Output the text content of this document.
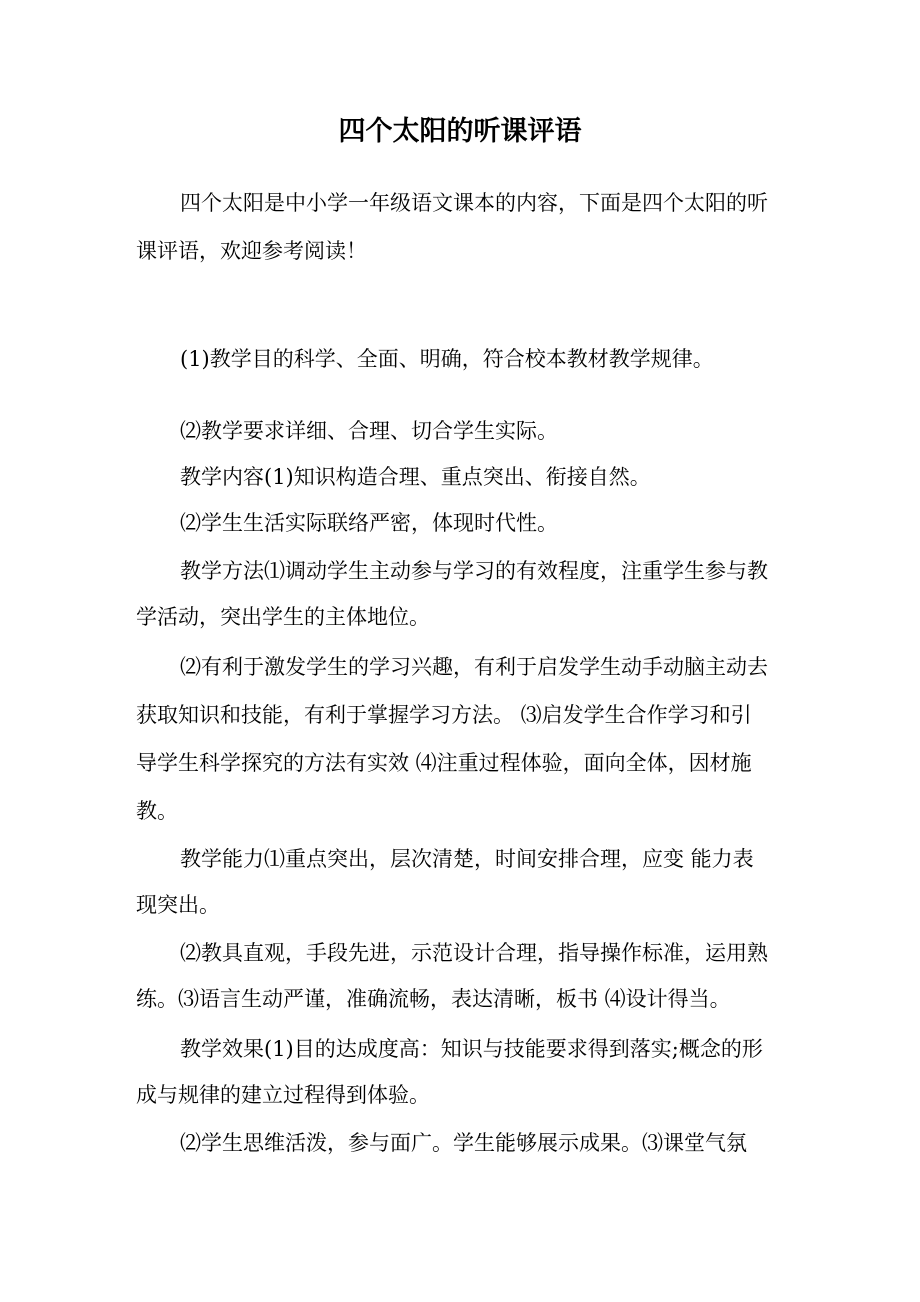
四个太阳的听课评语

四个太阳是中小学一年级语文课本的内容，下面是四个太阳的听

课评语，欢迎参考阅读！

(1)教学目的科学、全面、明确，符合校本教材教学规律。

⑵教学要求详细、合理、切合学生实际。

教学内容(1)知识构造合理、重点突出、衔接自然。

⑵学生生活实际联络严密，体现时代性。

教学方法⑴调动学生主动参与学习的有效程度，注重学生参与教

学活动，突出学生的主体地位。

⑵有利于激发学生的学习兴趣，有利于启发学生动手动脑主动去

获取知识和技能，有利于掌握学习方法。 ⑶启发学生合作学习和引

导学生科学探究的方法有实效 ⑷注重过程体验，面向全体，因材施

教。

教学能力⑴重点突出，层次清楚，时间安排合理，应变 能力表

现突出。

⑵教具直观，手段先进，示范设计合理，指导操作标准，运用熟

练。⑶语言生动严谨，准确流畅，表达清晰，板书 ⑷设计得当。

教学效果(1)目的达成度高：知识与技能要求得到落实;概念的形

成与规律的建立过程得到体验。

⑵学生思维活泼，参与面广。学生能够展示成果。⑶课堂气氛
